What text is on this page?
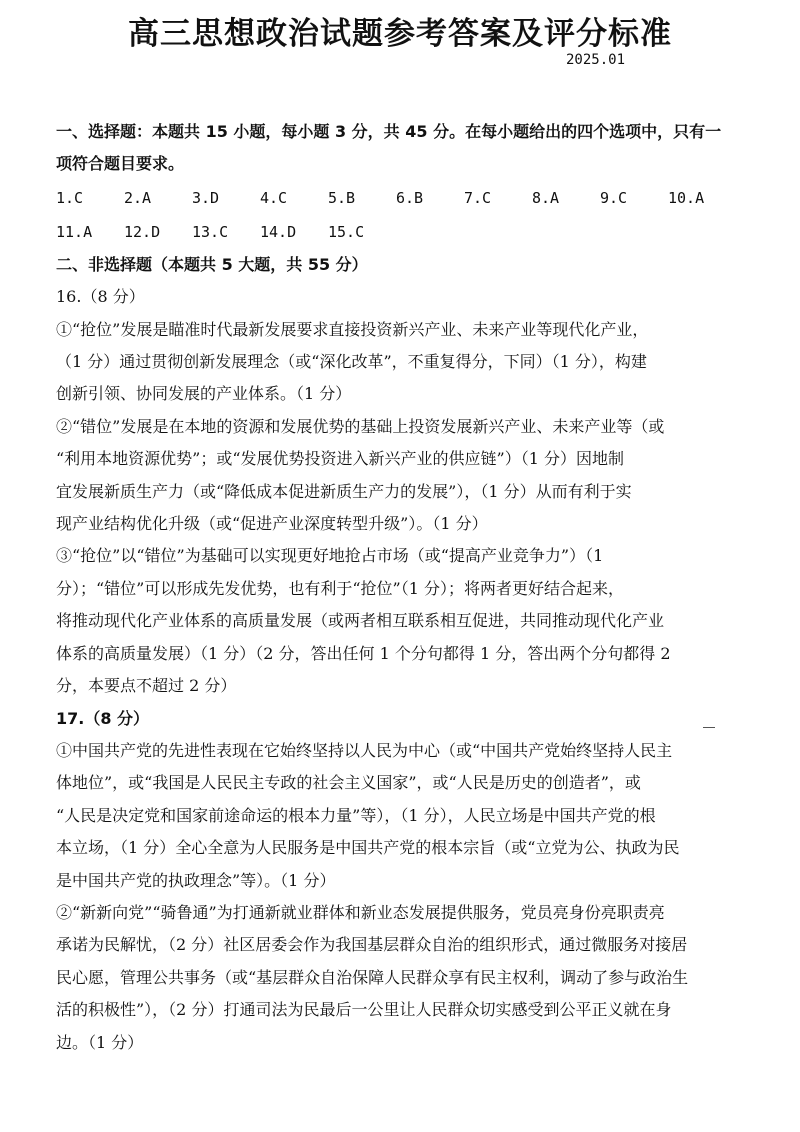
高三思想政治试题参考答案及评分标准

2025.01

一、选择题：本题共 15 小题，每小题 3 分，共 45 分。在每小题给出的四个选项中，只有一

项符合题目要求。

1.C	2.A	3.D	4.C	5.B	6.B	7.C	8.A	9.C	10.A
11.A	12.D	13.C	14.D	15.C

二、非选择题（本题共 5 大题，共 55 分）

16.（8 分）

①“抢位”发展是瞄准时代最新发展要求直接投资新兴产业、未来产业等现代化产业，

（1 分）通过贯彻创新发展理念（或“深化改革”，不重复得分，下同）（1 分），构建

创新引领、协同发展的产业体系。（1 分）

②“错位”发展是在本地的资源和发展优势的基础上投资发展新兴产业、未来产业等（或

“利用本地资源优势”；或“发展优势投资进入新兴产业的供应链”）（1 分）因地制

宜发展新质生产力（或“降低成本促进新质生产力的发展”），（1 分）从而有利于实

现产业结构优化升级（或“促进产业深度转型升级”）。（1 分）

③“抢位”以“错位”为基础可以实现更好地抢占市场（或“提高产业竞争力”）（1

分）；“错位”可以形成先发优势，也有利于“抢位”（1 分）；将两者更好结合起来，

将推动现代化产业体系的高质量发展（或两者相互联系相互促进，共同推动现代化产业

体系的高质量发展）（1 分）（2 分，答出任何 1 个分句都得 1 分，答出两个分句都得 2

分，本要点不超过 2 分）

17.（8 分）

①中国共产党的先进性表现在它始终坚持以人民为中心（或“中国共产党始终坚持人民主

体地位”，或“我国是人民民主专政的社会主义国家”，或“人民是历史的创造者”，或

“人民是决定党和国家前途命运的根本力量”等），（1 分），人民立场是中国共产党的根

本立场，（1 分）全心全意为人民服务是中国共产党的根本宗旨（或“立党为公、执政为民

是中国共产党的执政理念”等）。（1 分）

②“新新向党”“骑鲁通”为打通新就业群体和新业态发展提供服务，党员亮身份亮职责亮

承诺为民解忧，（2 分）社区居委会作为我国基层群众自治的组织形式，通过微服务对接居

民心愿，管理公共事务（或“基层群众自治保障人民群众享有民主权利，调动了参与政治生

活的积极性”），（2 分）打通司法为民最后一公里让人民群众切实感受到公平正义就在身

边。（1 分）
